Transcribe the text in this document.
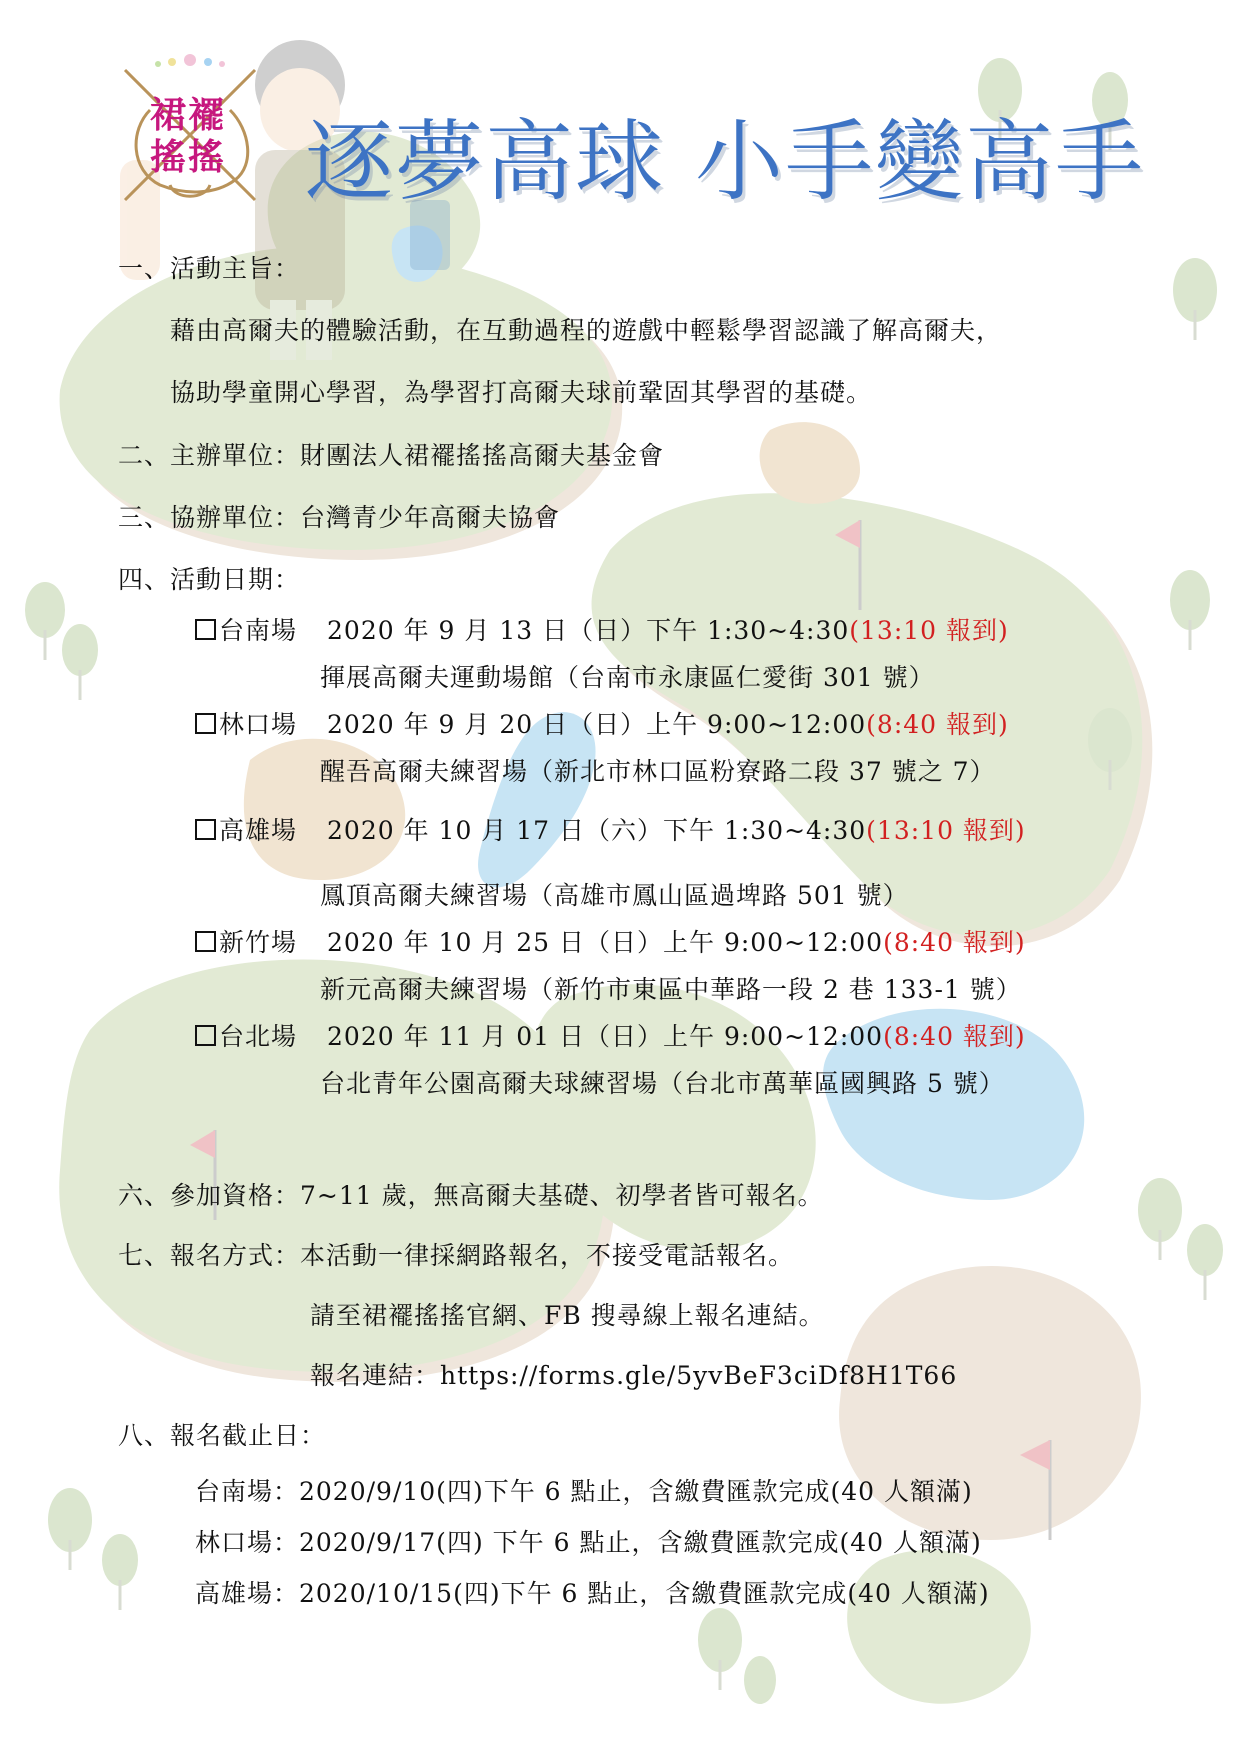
裙襬
搖搖 逐夢高球 小手變高手
一、活動主旨：
藉由高爾夫的體驗活動，在互動過程的遊戲中輕鬆學習認識了解高爾夫，
協助學童開心學習，為學習打高爾夫球前鞏固其學習的基礎。
二、主辦單位：財團法人裙襬搖搖高爾夫基金會
三、協辦單位：台灣青少年高爾夫協會
四、活動日期：
台南場 2020 年 9 月 13 日（日）下午 1:30~4:30(13:10 報到)
揮展高爾夫運動場館（台南市永康區仁愛街 301 號）
林口場 2020 年 9 月 20 日（日）上午 9:00~12:00(8:40 報到)
醒吾高爾夫練習場（新北市林口區粉寮路二段 37 號之 7）
高雄場 2020 年 10 月 17 日（六）下午 1:30~4:30(13:10 報到)
鳳頂高爾夫練習場（高雄市鳳山區過埤路 501 號）
新竹場 2020 年 10 月 25 日（日）上午 9:00~12:00(8:40 報到)
新元高爾夫練習場（新竹市東區中華路一段 2 巷 133-1 號）
台北場 2020 年 11 月 01 日（日）上午 9:00~12:00(8:40 報到)
台北青年公園高爾夫球練習場（台北市萬華區國興路 5 號）
六、參加資格：7~11 歲，無高爾夫基礎、初學者皆可報名。
七、報名方式：本活動一律採網路報名，不接受電話報名。
請至裙襬搖搖官網、FB 搜尋線上報名連結。
報名連結：https://forms.gle/5yvBeF3ciDf8H1T66
八、報名截止日：
台南場：2020/9/10(四)下午 6 點止，含繳費匯款完成(40 人額滿)
林口場：2020/9/17(四) 下午 6 點止，含繳費匯款完成(40 人額滿)
高雄場：2020/10/15(四)下午 6 點止，含繳費匯款完成(40 人額滿)
